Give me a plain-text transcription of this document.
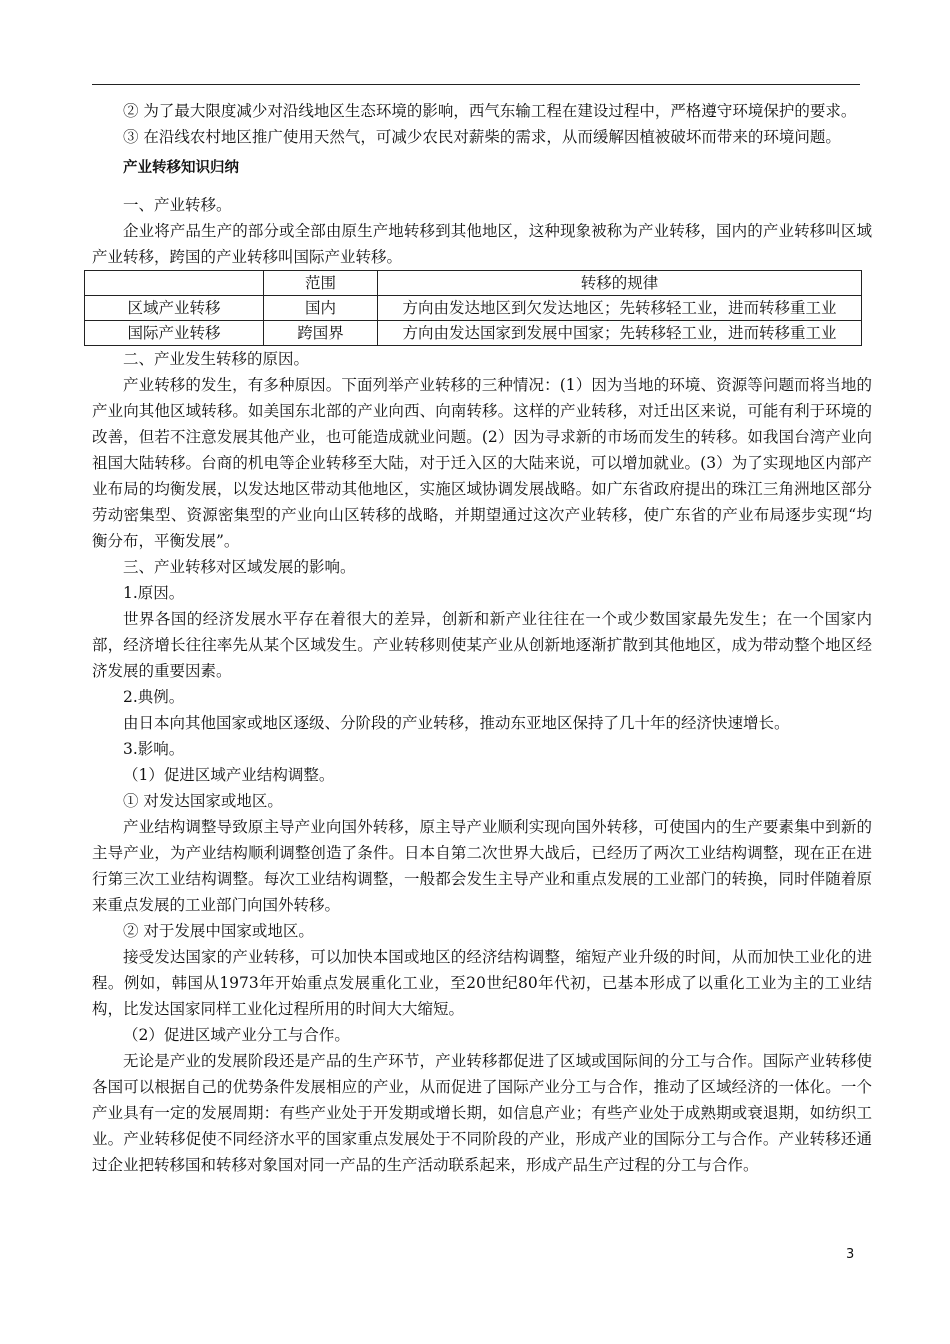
② 为了最大限度减少对沿线地区生态环境的影响，西气东输工程在建设过程中，严格遵守环境保护的要求。

③ 在沿线农村地区推广使用天然气，可减少农民对薪柴的需求，从而缓解因植被破坏而带来的环境问题。

产业转移知识归纳

一、产业转移。

企业将产品生产的部分或全部由原生产地转移到其他地区，这种现象被称为产业转移，国内的产业转移叫区域产业转移，跨国的产业转移叫国际产业转移。

	范围	转移的规律
区域产业转移	国内	方向由发达地区到欠发达地区；先转移轻工业，进而转移重工业
国际产业转移	跨国界	方向由发达国家到发展中国家；先转移轻工业，进而转移重工业

二、产业发生转移的原因。

产业转移的发生，有多种原因。下面列举产业转移的三种情况：(1）因为当地的环境、资源等问题而将当地的产业向其他区域转移。如美国东北部的产业向西、向南转移。这样的产业转移，对迁出区来说，可能有利于环境的改善，但若不注意发展其他产业，也可能造成就业问题。(2）因为寻求新的市场而发生的转移。如我国台湾产业向祖国大陆转移。台商的机电等企业转移至大陆，对于迁入区的大陆来说，可以增加就业。(3）为了实现地区内部产业布局的均衡发展，以发达地区带动其他地区，实施区域协调发展战略。如广东省政府提出的珠江三角洲地区部分劳动密集型、资源密集型的产业向山区转移的战略，并期望通过这次产业转移，使广东省的产业布局逐步实现“均衡分布，平衡发展”。

三、产业转移对区域发展的影响。

1.原因。

世界各国的经济发展水平存在着很大的差异，创新和新产业往往在一个或少数国家最先发生；在一个国家内部，经济增长往往率先从某个区域发生。产业转移则使某产业从创新地逐渐扩散到其他地区，成为带动整个地区经济发展的重要因素。

2.典例。

由日本向其他国家或地区逐级、分阶段的产业转移，推动东亚地区保持了几十年的经济快速增长。

3.影响。

（1）促进区域产业结构调整。

① 对发达国家或地区。

产业结构调整导致原主导产业向国外转移，原主导产业顺利实现向国外转移，可使国内的生产要素集中到新的主导产业，为产业结构顺利调整创造了条件。日本自第二次世界大战后，已经历了两次工业结构调整，现在正在进行第三次工业结构调整。每次工业结构调整，一般都会发生主导产业和重点发展的工业部门的转换，同时伴随着原来重点发展的工业部门向国外转移。

② 对于发展中国家或地区。

接受发达国家的产业转移，可以加快本国或地区的经济结构调整，缩短产业升级的时间，从而加快工业化的进程。例如，韩国从1973年开始重点发展重化工业，至20世纪80年代初，已基本形成了以重化工业为主的工业结构，比发达国家同样工业化过程所用的时间大大缩短。

（2）促进区域产业分工与合作。

无论是产业的发展阶段还是产品的生产环节，产业转移都促进了区域或国际间的分工与合作。国际产业转移使各国可以根据自己的优势条件发展相应的产业，从而促进了国际产业分工与合作，推动了区域经济的一体化。一个产业具有一定的发展周期：有些产业处于开发期或增长期，如信息产业；有些产业处于成熟期或衰退期，如纺织工业。产业转移促使不同经济水平的国家重点发展处于不同阶段的产业，形成产业的国际分工与合作。产业转移还通过企业把转移国和转移对象国对同一产品的生产活动联系起来，形成产品生产过程的分工与合作。

3
